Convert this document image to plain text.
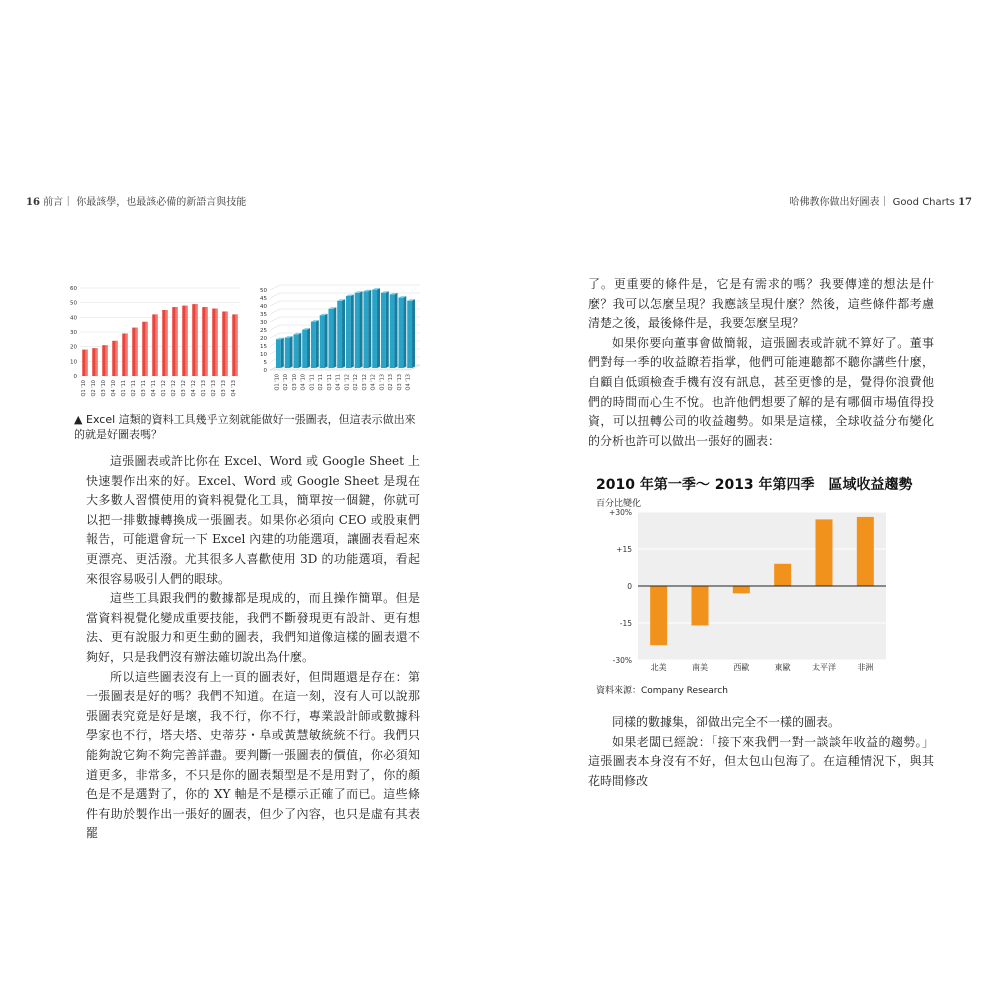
16 前言｜ 你最該學，也最該必備的新語言與技能	哈佛教你做出好圖表｜ Good Charts 17
0
10
20
30
40
50
60
Q1 '10 Q2 '10 Q3 '10 Q4 '10 Q1 '11 Q2 '11 Q3 '11 Q4 '11 Q1 '12 Q2 '12 Q3 '12 Q4 '12 Q1 '13 Q2 '13 Q3 '13 Q4 '13
0
5
10
15
20
25
30
35
40
45
50
Q1 '10 Q2 '10 Q3 '10 Q4 '10 Q1 '11 Q2 '11 Q3 '11 Q4 '11 Q1 '12 Q2 '12 Q3 '12 Q4 '12 Q1 '13 Q2 '13 Q3 '13 Q4 '13
▲ Excel 這類的資料工具幾乎立刻就能做好一張圖表，但這表示做出來的就是好圖表嗎？

這張圖表或許比你在 Excel、Word 或 Google Sheet 上快速製作出來的好。Excel、Word 或 Google Sheet 是現在大多數人習慣使用的資料視覺化工具，簡單按一個鍵，你就可以把一排數據轉換成一張圖表。如果你必須向 CEO 或股東們報告，可能還會玩一下 Excel 內建的功能選項，讓圖表看起來更漂亮、更活潑。尤其很多人喜歡使用 3D 的功能選項，看起來很容易吸引人們的眼球。

這些工具跟我們的數據都是現成的，而且操作簡單。但是當資料視覺化變成重要技能，我們不斷發現更有設計、更有想法、更有說服力和更生動的圖表，我們知道像這樣的圖表還不夠好，只是我們沒有辦法確切說出為什麼。

所以這些圖表沒有上一頁的圖表好，但問題還是存在：第一張圖表是好的嗎？我們不知道。在這一刻，沒有人可以說那張圖表究竟是好是壞，我不行，你不行，專業設計師或數據科學家也不行，塔夫塔、史蒂芬・阜或黃慧敏統統不行。我們只能夠說它夠不夠完善詳盡。要判斷一張圖表的價值，你必須知道更多，非常多，不只是你的圖表類型是不是用對了，你的顏色是不是選對了，你的 XY 軸是不是標示正確了而已。這些條件有助於製作出一張好的圖表，但少了內容，也只是虛有其表罷

了。更重要的條件是，它是有需求的嗎？我要傳達的想法是什麼？我可以怎麼呈現？我應該呈現什麼？然後，這些條件都考慮清楚之後，最後條件是，我要怎麼呈現？

如果你要向董事會做簡報，這張圖表或許就不算好了。董事們對每一季的收益瞭若指掌，他們可能連聽都不聽你講些什麼，自顧自低頭檢查手機有沒有訊息，甚至更慘的是，覺得你浪費他們的時間而心生不悅。也許他們想要了解的是有哪個市場值得投資，可以扭轉公司的收益趨勢。如果是這樣，全球收益分布變化的分析也許可以做出一張好的圖表：

2010 年第一季～ 2013 年第四季　區域收益趨勢
百分比變化
-30%
-15
0
+15
+30%
北美	南美	西歐	東歐	太平洋	非洲
資料來源：Company Research

同樣的數據集，卻做出完全不一樣的圖表。

如果老闆已經說：「接下來我們一對一談談年收益的趨勢。」這張圖表本身沒有不好，但太包山包海了。在這種情況下，與其花時間修改
